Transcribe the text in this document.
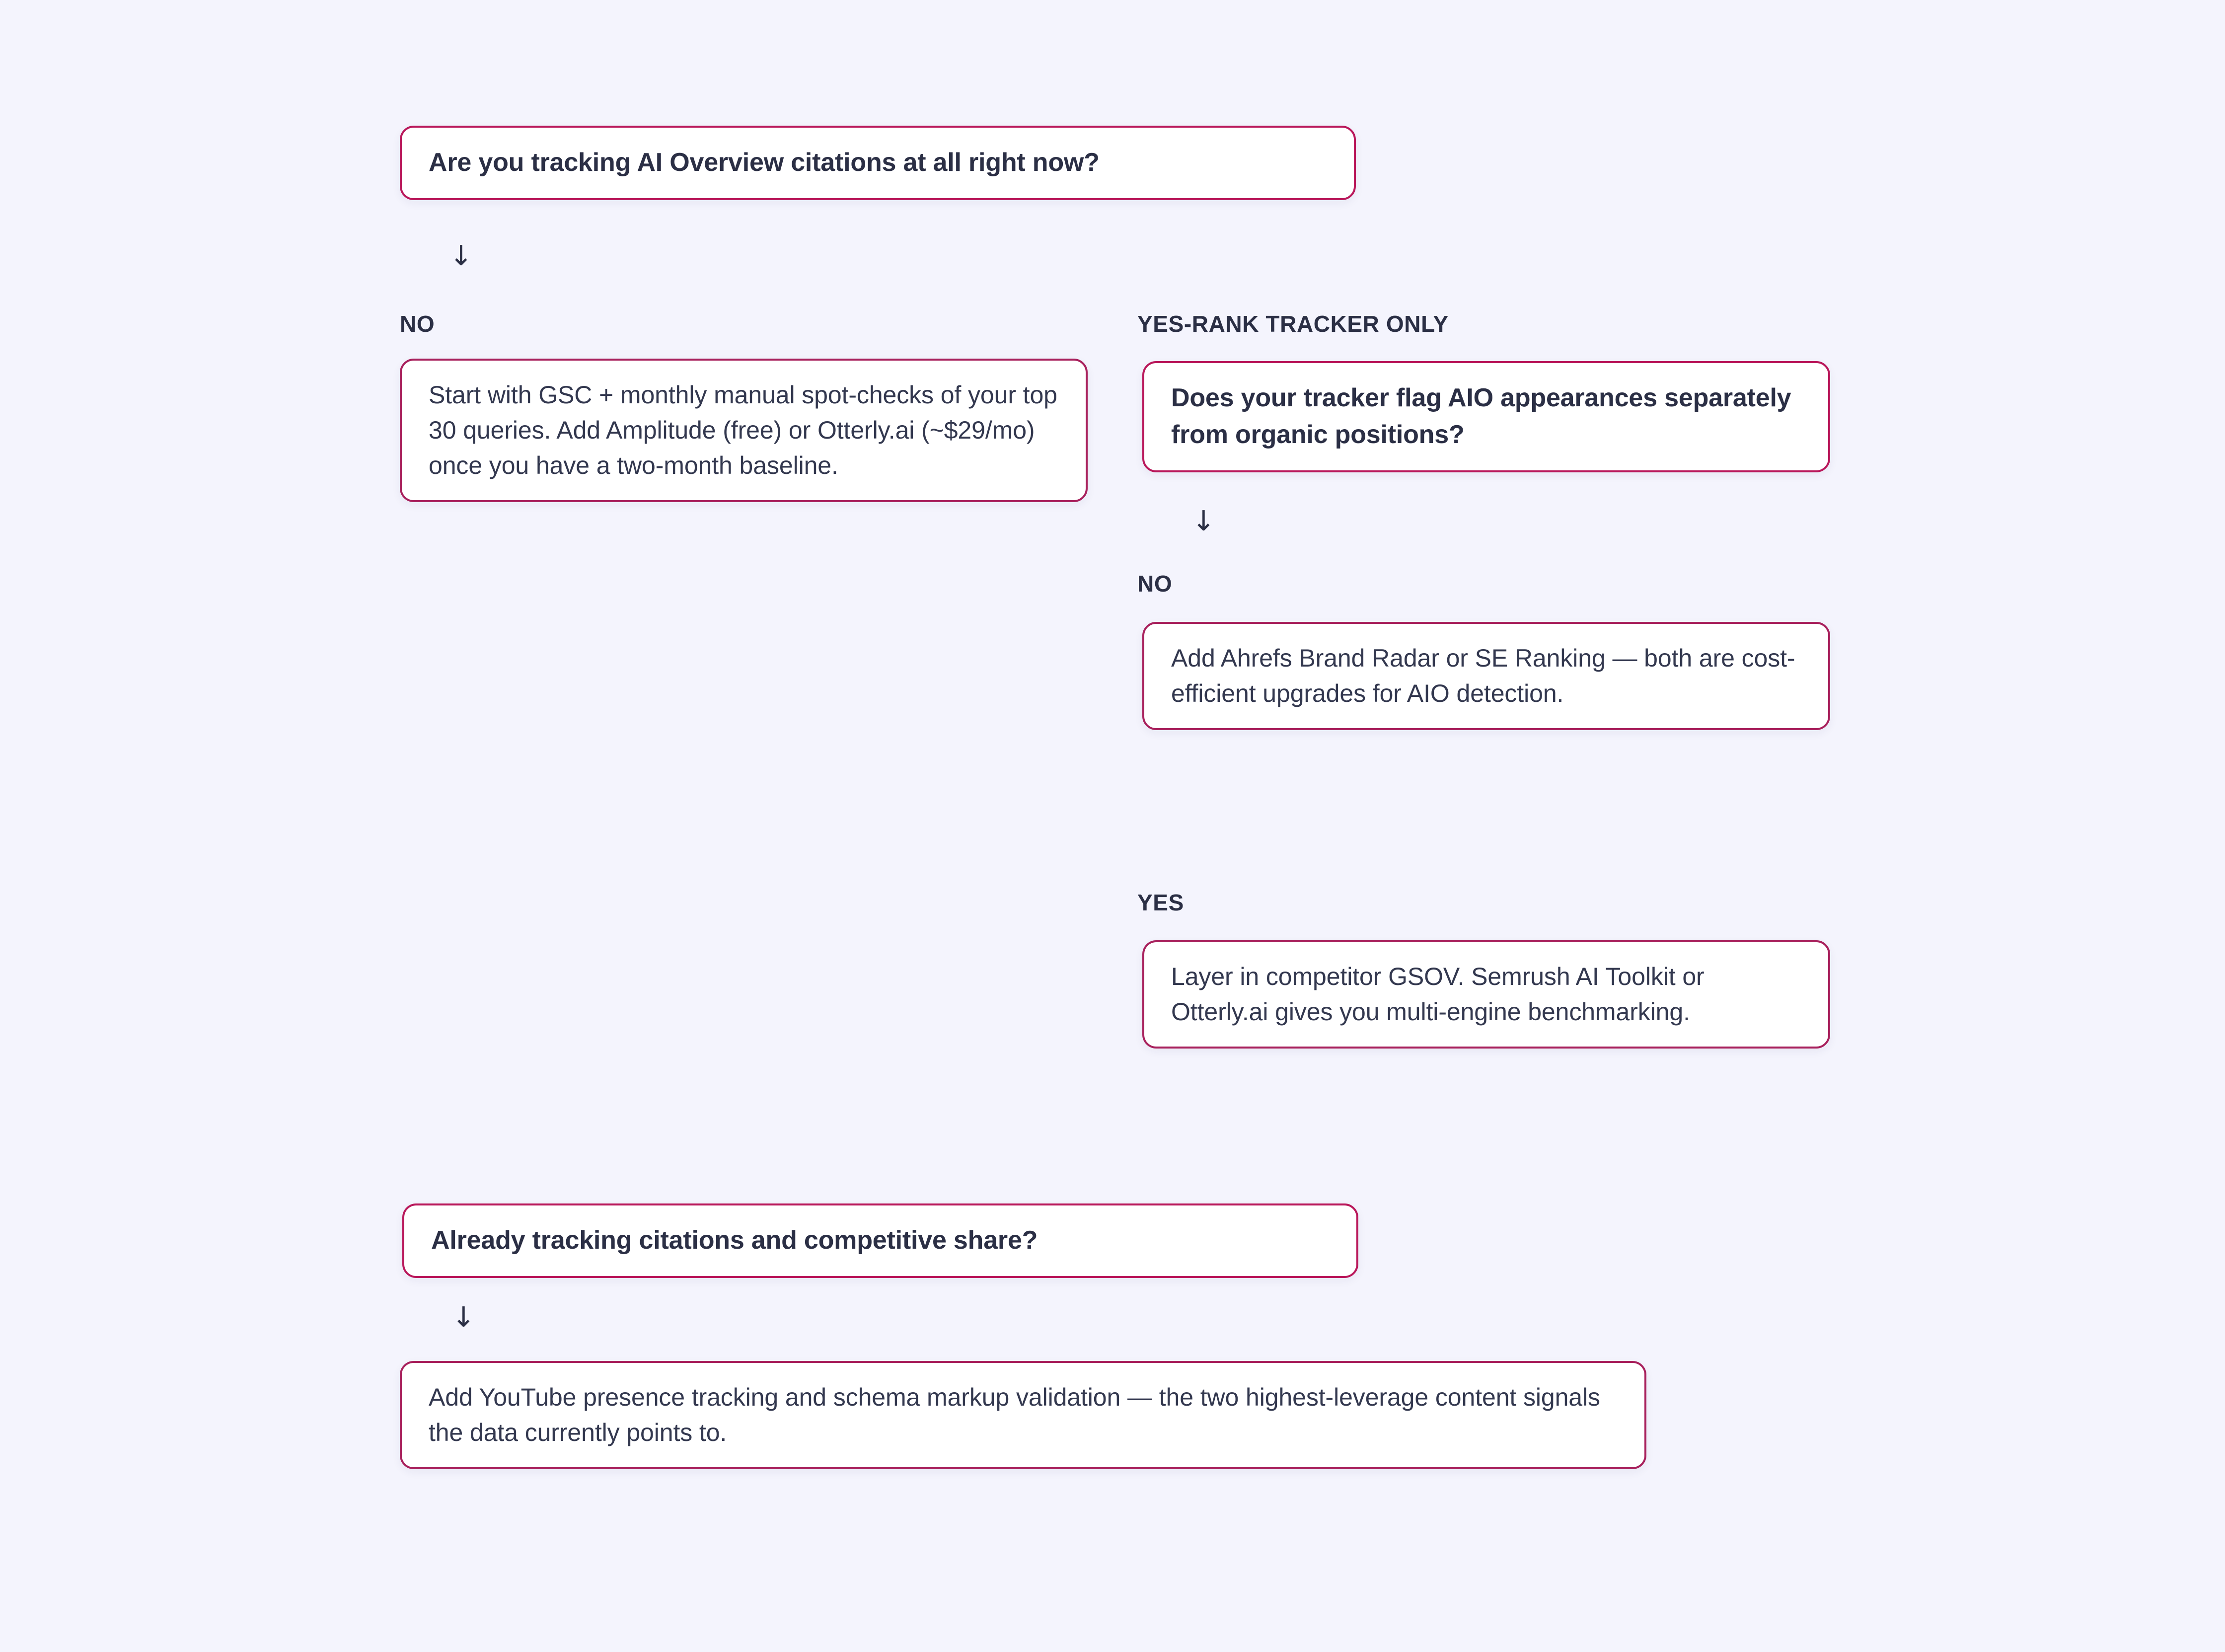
Are you tracking AI Overview citations at all right now?
↓
NO
Start with GSC + monthly manual spot-checks of your top 30 queries. Add Amplitude (free) or Otterly.ai (~$29/mo) once you have a two-month baseline.
YES-RANK TRACKER ONLY
Does your tracker flag AIO appearances separately from organic positions?
↓
NO
Add Ahrefs Brand Radar or SE Ranking — both are cost-efficient upgrades for AIO detection.
YES
Layer in competitor GSOV. Semrush AI Toolkit or Otterly.ai gives you multi-engine benchmarking.
Already tracking citations and competitive share?
↓
Add YouTube presence tracking and schema markup validation — the two highest-leverage content signals the data currently points to.
